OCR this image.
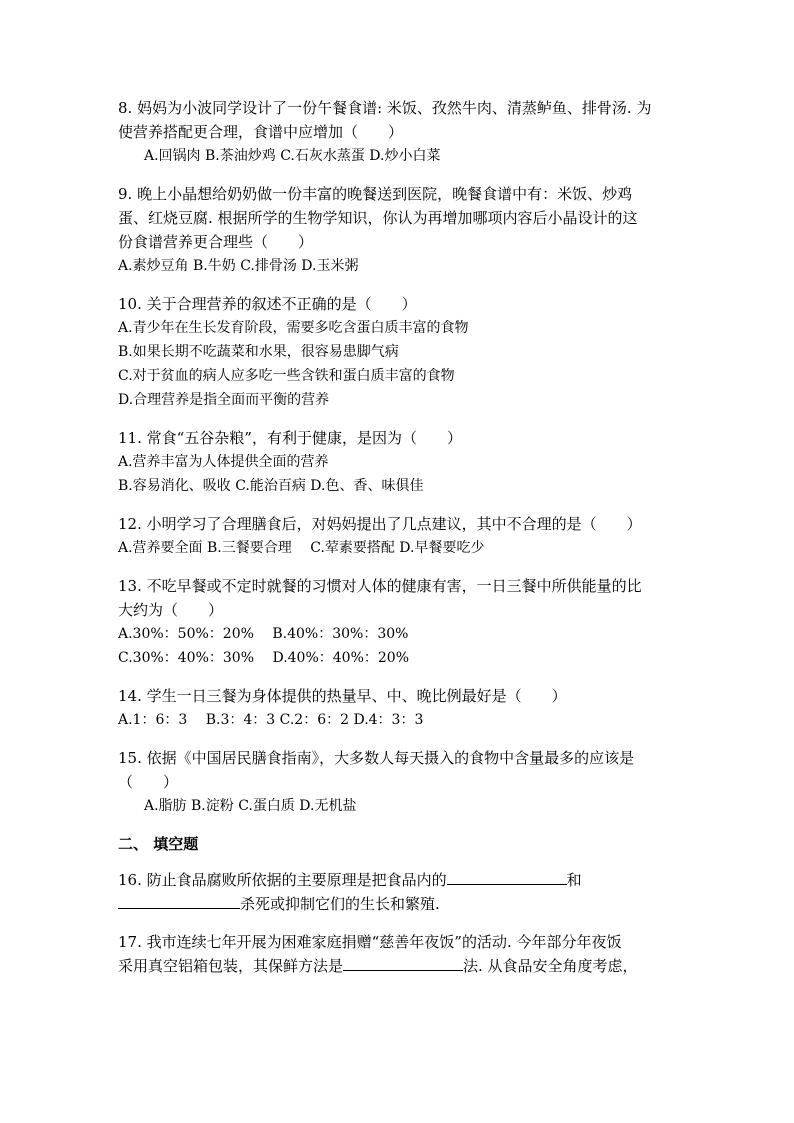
8. 妈妈为小波同学设计了一份午餐食谱: 米饭、孜然牛肉、清蒸鲈鱼、排骨汤. 为
使营养搭配更合理，食谱中应增加（　　）
A.回锅肉 B.茶油炒鸡 C.石灰水蒸蛋 D.炒小白菜
9. 晚上小晶想给奶奶做一份丰富的晚餐送到医院，晚餐食谱中有：米饭、炒鸡
蛋、红烧豆腐. 根据所学的生物学知识，你认为再增加哪项内容后小晶设计的这
份食谱营养更合理些（　　）
A.素炒豆角 B.牛奶 C.排骨汤 D.玉米粥
10. 关于合理营养的叙述不正确的是（　　）
A.青少年在生长发育阶段，需要多吃含蛋白质丰富的食物
B.如果长期不吃蔬菜和水果，很容易患脚气病
C.对于贫血的病人应多吃一些含铁和蛋白质丰富的食物
D.合理营养是指全面而平衡的营养
11. 常食“五谷杂粮”，有利于健康，是因为（　　）
A.营养丰富为人体提供全面的营养
B.容易消化、吸收 C.能治百病 D.色、香、味俱佳
12. 小明学习了合理膳食后，对妈妈提出了几点建议，其中不合理的是（　　）
A.营养要全面 B.三餐要合理　 C.荤素要搭配 D.早餐要吃少
13. 不吃早餐或不定时就餐的习惯对人体的健康有害，一日三餐中所供能量的比
大约为（　　）
A.30%：50%：20%　 B.40%：30%：30%
C.30%：40%：30%　 D.40%：40%：20%
14. 学生一日三餐为身体提供的热量早、中、晚比例最好是（　　）
A.1：6：3　 B.3：4：3 C.2：6：2 D.4：3：3
15. 依据《中国居民膳食指南》，大多数人每天摄入的食物中含量最多的应该是
（　　）
A.脂肪 B.淀粉 C.蛋白质 D.无机盐
二、 填空题
16. 防止食品腐败所依据的主要原理是把食品内的	和
杀死或抑制它们的生长和繁殖.
17. 我市连续七年开展为困难家庭捐赠“慈善年夜饭”的活动. 今年部分年夜饭
采用真空铝箱包装，其保鲜方法是	法. 从食品安全角度考虑，
